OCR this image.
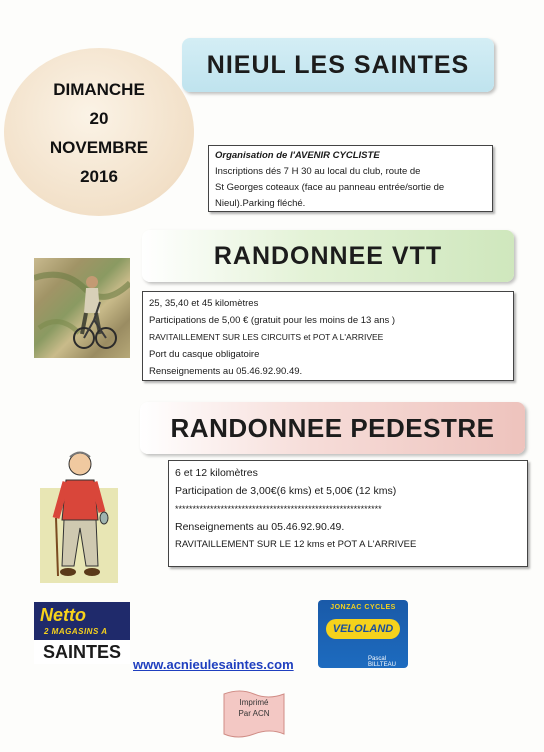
DIMANCHE
20
NOVEMBRE
2016
NIEUL LES SAINTES
Organisation de l'AVENIR CYCLISTE
Inscriptions dés 7 H 30 au local du club, route de
St Georges coteaux (face au panneau entrée/sortie de
Nieul).Parking fléché.
RANDONNEE VTT
25, 35,40 et 45 kilomètres
Participations de 5,00 € (gratuit pour les moins de 13 ans )
RAVITAILLEMENT SUR LES CIRCUITS et POT A L'ARRIVEE
Port du casque obligatoire
Renseignements au 05.46.92.90.49.
RANDONNEE PEDESTRE
6 et 12 kilomètres
Participation de 3,00€(6 kms) et 5,00€ (12 kms)
***********************************************************
Renseignements au 05.46.92.90.49.
RAVITAILLEMENT SUR LE 12 kms et POT A L'ARRIVEE
Netto
2 MAGASINS A
SAINTES
www.acnieulesaintes.com
JONZAC CYCLES
VELOLAND
Pascal BILLTEAU
Imprimé
Par ACN
